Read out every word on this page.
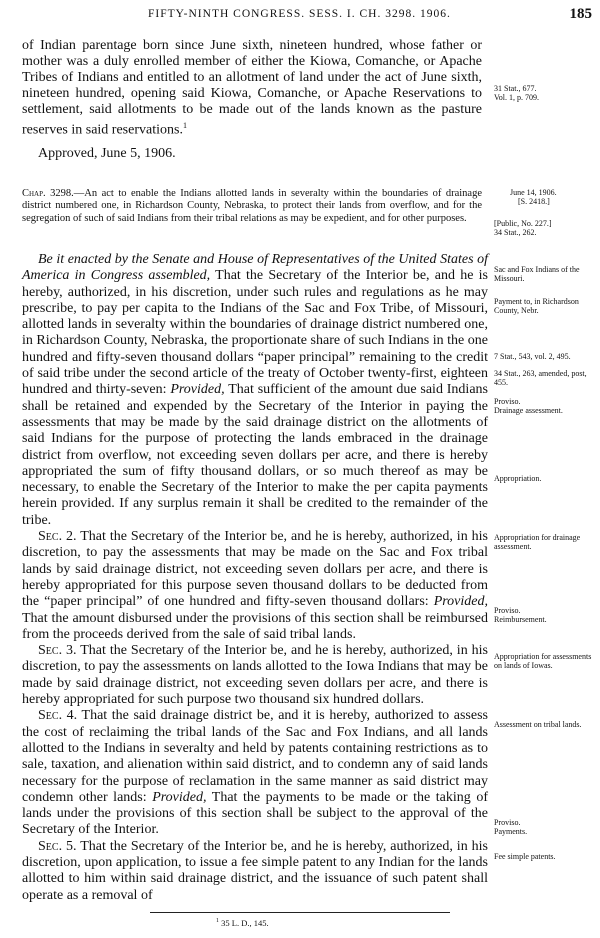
FIFTY-NINTH CONGRESS. SESS. I. CH. 3298. 1906.	185
of Indian parentage born since June sixth, nineteen hundred, whose father or mother was a duly enrolled member of either the Kiowa, Comanche, or Apache Tribes of Indians and entitled to an allotment of land under the act of June sixth, nineteen hundred, opening said Kiowa, Comanche, or Apache Reservations to settlement, said allotments to be made out of the lands known as the pasture reserves in said reservations.$^1$
Approved, June 5, 1906.
Chap. 3298.—An act to enable the Indians allotted lands in severalty within the boundaries of drainage district numbered one, in Richardson County, Nebraska, to protect their lands from overflow, and for the segregation of such of said Indians from their tribal relations as may be expedient, and for other purposes.

Be it enacted by the Senate and House of Representatives of the United States of America in Congress assembled, That the Secretary of the Interior be, and he is hereby, authorized, in his discretion, under such rules and regulations as he may prescribe, to pay per capita to the Indians of the Sac and Fox Tribe, of Missouri, allotted lands in severalty within the boundaries of drainage district numbered one, in Richardson County, Nebraska, the proportionate share of such Indians in the one hundred and fifty-seven thousand dollars “paper principal” remaining to the credit of said tribe under the second article of the treaty of October twenty-first, eighteen hundred and thirty-seven: Provided, That sufficient of the amount due said Indians shall be retained and expended by the Secretary of the Interior in paying the assessments that may be made by the said drainage district on the allotments of said Indians for the purpose of protecting the lands embraced in the drainage district from overflow, not exceeding seven dollars per acre, and there is hereby appropriated the sum of fifty thousand dollars, or so much thereof as may be necessary, to enable the Secretary of the Interior to make the per capita payments herein provided. If any surplus remain it shall be credited to the remainder of the tribe.

Sec. 2. That the Secretary of the Interior be, and he is hereby, authorized, in his discretion, to pay the assessments that may be made on the Sac and Fox tribal lands by said drainage district, not exceeding seven dollars per acre, and there is hereby appropriated for this purpose seven thousand dollars to be deducted from the “paper principal” of one hundred and fifty-seven thousand dollars: Provided, That the amount disbursed under the provisions of this section shall be reimbursed from the proceeds derived from the sale of said tribal lands.

Sec. 3. That the Secretary of the Interior be, and he is hereby, authorized, in his discretion, to pay the assessments on lands allotted to the Iowa Indians that may be made by said drainage district, not exceeding seven dollars per acre, and there is hereby appropriated for such purpose two thousand six hundred dollars.

Sec. 4. That the said drainage district be, and it is hereby, authorized to assess the cost of reclaiming the tribal lands of the Sac and Fox Indians, and all lands allotted to the Indians in severalty and held by patents containing restrictions as to sale, taxation, and alienation within said district, and to condemn any of said lands necessary for the purpose of reclamation in the same manner as said district may condemn other lands: Provided, That the payments to be made or the taking of lands under the provisions of this section shall be subject to the approval of the Secretary of the Interior.

Sec. 5. That the Secretary of the Interior be, and he is hereby, authorized, in his discretion, upon application, to issue a fee simple patent to any Indian for the lands allotted to him within said drainage district, and the issuance of such patent shall operate as a removal of

31 Stat., 677.
Vol. 1, p. 709.
June 14, 1906.
[S. 2418.]
[Public, No. 227.]
34 Stat., 262.
Sac and Fox Indians of the Missouri.
Payment to, in Richardson County, Nebr.
7 Stat., 543, vol. 2, 495.
34 Stat., 263, amended, post, 455.
Proviso.
Drainage assessment.
Appropriation.
Appropriation for drainage assessment.
Proviso.
Reimbursement.
Appropriation for assessments on lands of Iowas.
Assessment on tribal lands.
Proviso.
Payments.
Fee simple patents.
$^1$ 35 L. D., 145.
